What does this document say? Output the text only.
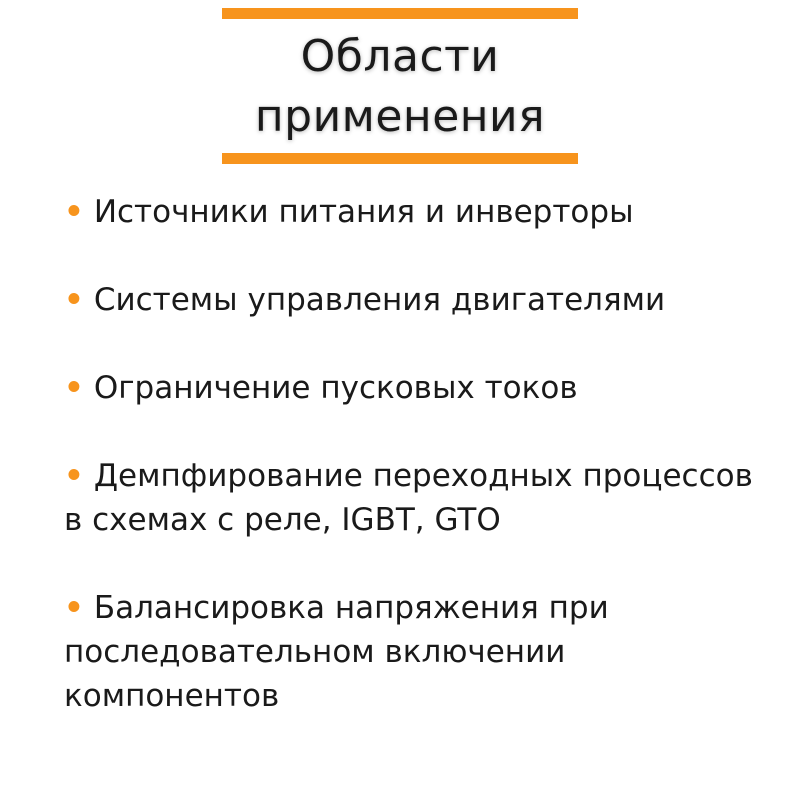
Области
применения
• Источники питания и инверторы
• Системы управления двигателями
• Ограничение пусковых токов
• Демпфирование переходных процессов в схемах с реле, IGBT, GTO
• Балансировка напряжения при последовательном включении компонентов
